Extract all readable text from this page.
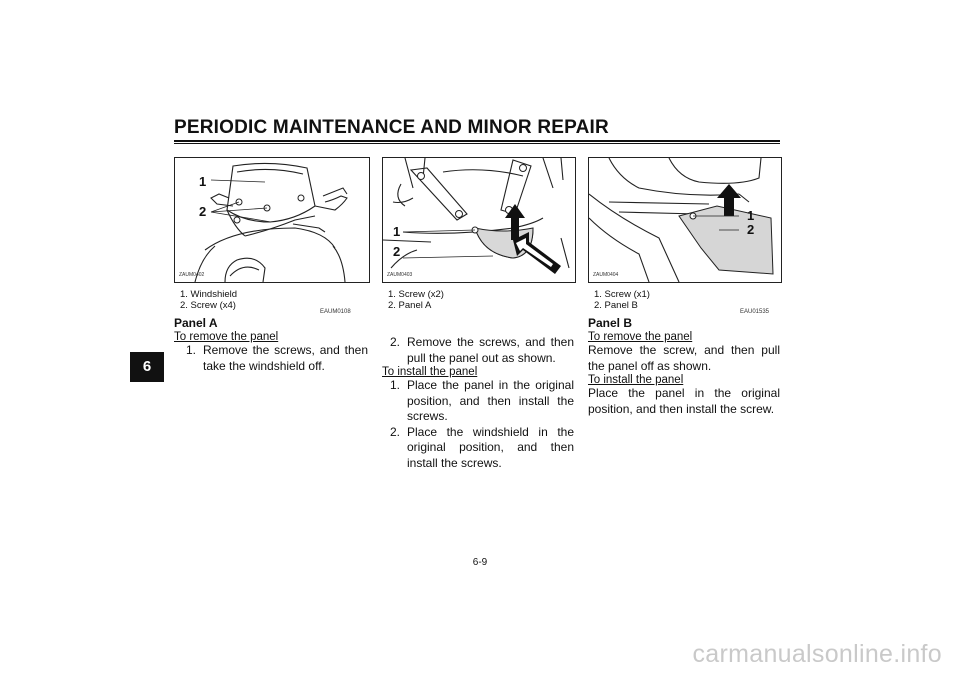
PERIODIC MAINTENANCE AND MINOR REPAIR
6
1
2
ZAUM0402
1
2
ZAUM0403
1
2
ZAUM0404
1. Windshield
2. Screw (x4)
EAUM0108
1. Screw (x2)
2. Panel A
1. Screw (x1)
2. Panel B
EAU01535
Panel A
To remove the panel
1. Remove the screws, and then take the windshield off.
2. Remove the screws, and then pull the panel out as shown.
To install the panel
1. Place the panel in the original position, and then install the screws.
2. Place the windshield in the original position, and then install the screws.
Panel B
To remove the panel
Remove the screw, and then pull the panel off as shown.
To install the panel
Place the panel in the original position, and then install the screw.
6-9
carmanualsonline.info
